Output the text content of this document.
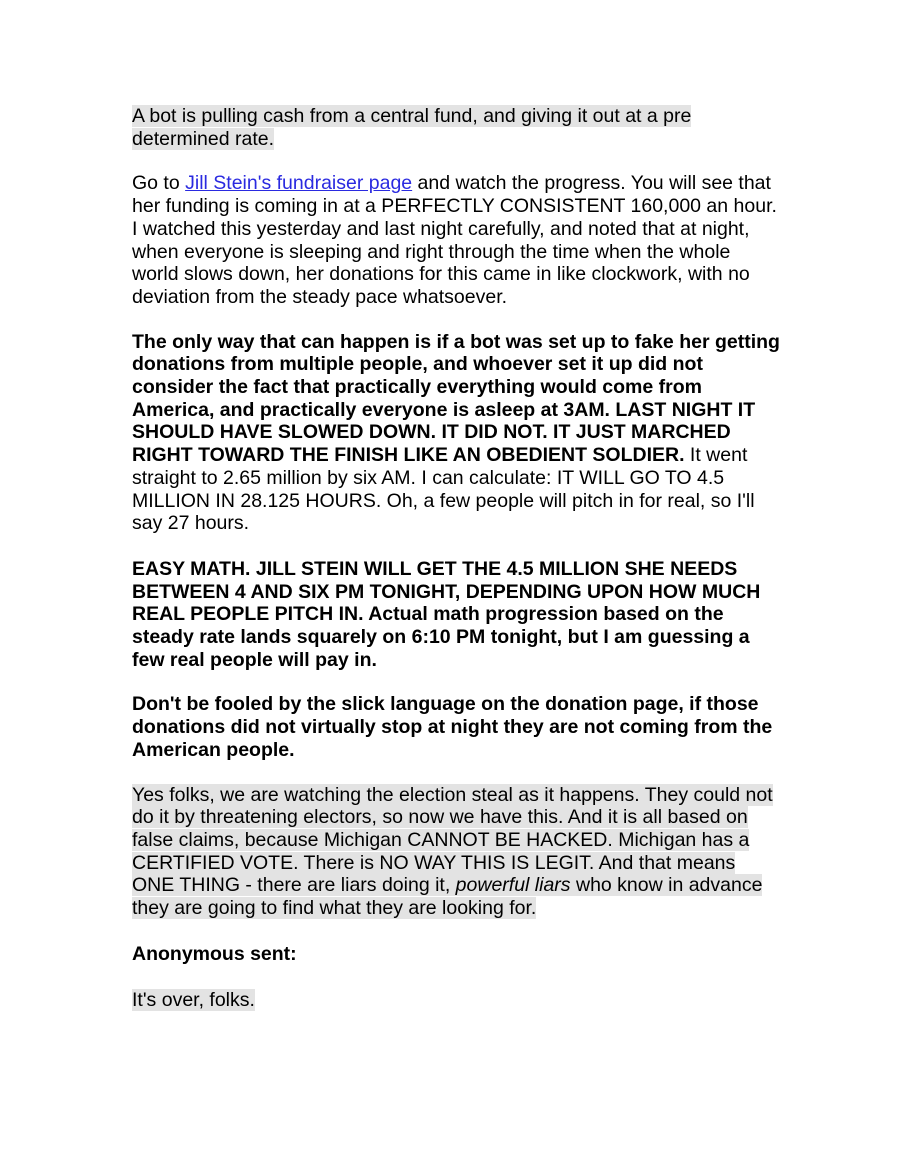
A bot is pulling cash from a central fund, and giving it out at a pre determined rate.

Go to Jill Stein's fundraiser page and watch the progress. You will see that her funding is coming in at a PERFECTLY CONSISTENT 160,000 an hour. I watched this yesterday and last night carefully, and noted that at night, when everyone is sleeping and right through the time when the whole world slows down, her donations for this came in like clockwork, with no deviation from the steady pace whatsoever.

The only way that can happen is if a bot was set up to fake her getting donations from multiple people, and whoever set it up did not consider the fact that practically everything would come from America, and practically everyone is asleep at 3AM. LAST NIGHT IT SHOULD HAVE SLOWED DOWN. IT DID NOT. IT JUST MARCHED RIGHT TOWARD THE FINISH LIKE AN OBEDIENT SOLDIER. It went straight to 2.65 million by six AM. I can calculate: IT WILL GO TO 4.5 MILLION IN 28.125 HOURS. Oh, a few people will pitch in for real, so I'll say 27 hours.

EASY MATH. JILL STEIN WILL GET THE 4.5 MILLION SHE NEEDS BETWEEN 4 AND SIX PM TONIGHT, DEPENDING UPON HOW MUCH REAL PEOPLE PITCH IN. Actual math progression based on the steady rate lands squarely on 6:10 PM tonight, but I am guessing a few real people will pay in.

Don't be fooled by the slick language on the donation page, if those donations did not virtually stop at night they are not coming from the American people.

Yes folks, we are watching the election steal as it happens. They could not do it by threatening electors, so now we have this. And it is all based on false claims, because Michigan CANNOT BE HACKED. Michigan has a CERTIFIED VOTE. There is NO WAY THIS IS LEGIT. And that means ONE THING - there are liars doing it, powerful liars who know in advance they are going to find what they are looking for.

Anonymous sent:

It's over, folks.
